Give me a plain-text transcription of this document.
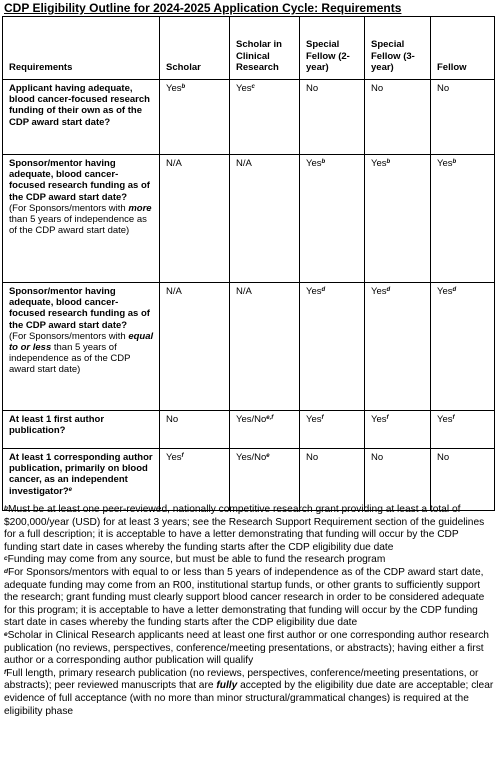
CDP Eligibility Outline for 2024-2025 Application Cycle: Requirements
Requirements	Scholar	Scholar in Clinical Research	Special Fellow (2-year)	Special Fellow (3-year)	Fellow
Applicant having adequate, blood cancer-focused research funding of their own as of the CDP award start date?	Yes$^b$	Yes$^c$	No	No	No

Sponsor/mentor having adequate, blood cancer-focused research funding as of the CDP award start date?
(For Sponsors/mentors with more than 5 years of independence as of the CDP award start date)	N/A	N/A	Yes$^b$	Yes$^b$	Yes$^b$

Sponsor/mentor having adequate, blood cancer-focused research funding as of the CDP award start date?
(For Sponsors/mentors with equal to or less than 5 years of independence as of the CDP award start date)	N/A	N/A	Yes$^d$	Yes$^d$	Yes$^d$
At least 1 first author publication?	No	Yes/No$^{e,f}$	Yes$^f$	Yes$^f$	Yes$^f$
At least 1 corresponding author publication, primarily on blood cancer, as an independent investigator?$^e$	Yes$^f$	Yes/No$^e$	No	No	No

$^b$Must be at least one peer-reviewed, nationally competitive research grant providing at least a total of $200,000/year (USD) for at least 3 years; see the Research Support Requirement section of the guidelines for a full description; it is acceptable to have a letter demonstrating that funding will occur by the CDP funding start date in cases whereby the funding starts after the CDP eligibility due date

$^c$Funding may come from any source, but must be able to fund the research program

$^d$For Sponsors/mentors with equal to or less than 5 years of independence as of the CDP award start date, adequate funding may come from an R00, institutional startup funds, or other grants to sufficiently support the research; grant funding must clearly support blood cancer research in order to be considered adequate for this program; it is acceptable to have a letter demonstrating that funding will occur by the CDP funding start date in cases whereby the funding starts after the CDP eligibility due date

$^e$Scholar in Clinical Research applicants need at least one first author or one corresponding author research publication (no reviews, perspectives, conference/meeting presentations, or abstracts); having either a first author or a corresponding author publication will qualify

$^f$Full length, primary research publication (no reviews, perspectives, conference/meeting presentations, or abstracts); peer reviewed manuscripts that are fully accepted by the eligibility due date are acceptable; clear evidence of full acceptance (with no more than minor structural/grammatical changes) is required at the eligibility phase
